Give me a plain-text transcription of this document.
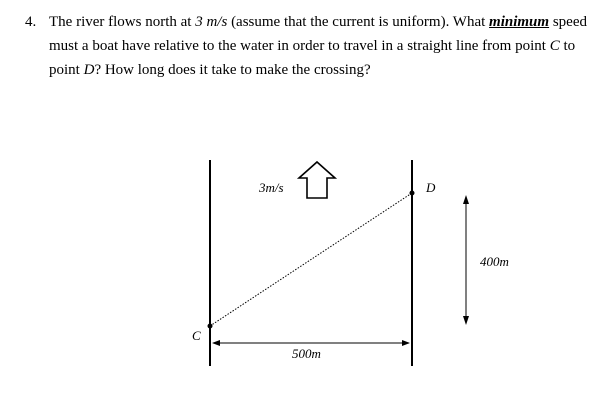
4. The river flows north at 3 m/s (assume that the current is uniform). What minimum speed must a boat have relative to the water in order to travel in a straight line from point C to point D? How long does it take to make the crossing?
3m/s	D
C
500m
400m
